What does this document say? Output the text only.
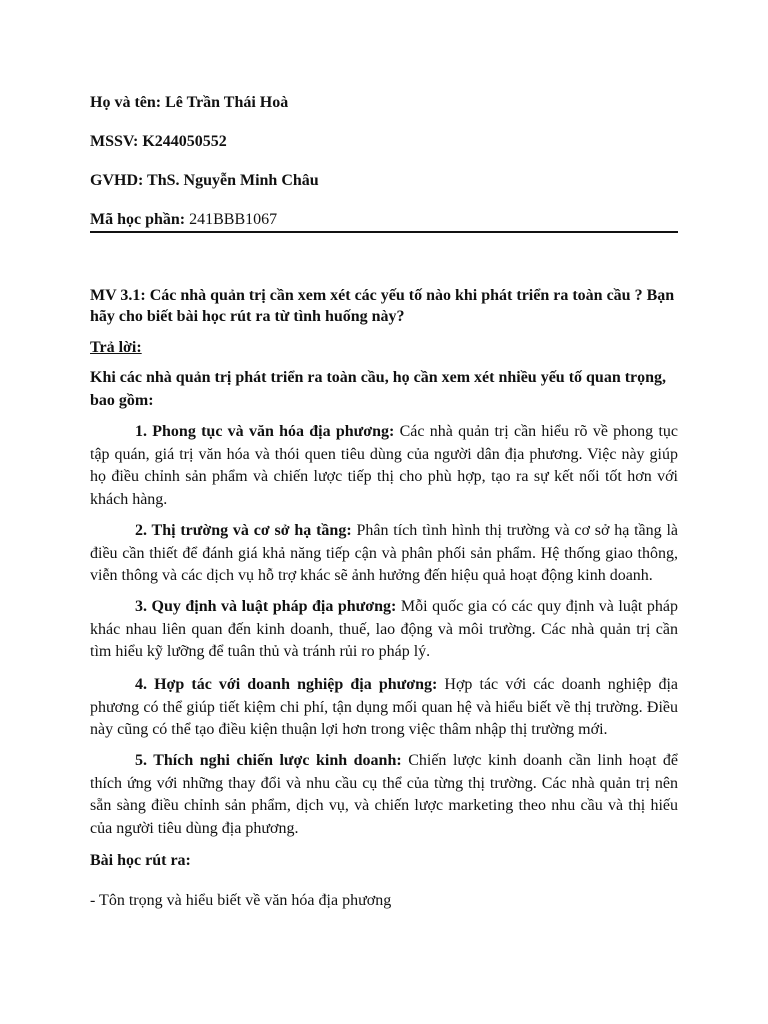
Họ và tên: Lê Trần Thái Hoà
MSSV: K244050552
GVHD: ThS. Nguyễn Minh Châu
Mã học phần: 241BBB1067
MV 3.1: Các nhà quản trị cần xem xét các yếu tố nào khi phát triển ra toàn cầu ? Bạn hãy cho biết bài học rút ra từ tình huống này?
Trả lời:
Khi các nhà quản trị phát triển ra toàn cầu, họ cần xem xét nhiều yếu tố quan trọng, bao gồm:
1. Phong tục và văn hóa địa phương: Các nhà quản trị cần hiểu rõ về phong tục tập quán, giá trị văn hóa và thói quen tiêu dùng của người dân địa phương. Việc này giúp họ điều chỉnh sản phẩm và chiến lược tiếp thị cho phù hợp, tạo ra sự kết nối tốt hơn với khách hàng.
2. Thị trường và cơ sở hạ tầng: Phân tích tình hình thị trường và cơ sở hạ tầng là điều cần thiết để đánh giá khả năng tiếp cận và phân phối sản phẩm. Hệ thống giao thông, viễn thông và các dịch vụ hỗ trợ khác sẽ ảnh hưởng đến hiệu quả hoạt động kinh doanh.
3. Quy định và luật pháp địa phương: Mỗi quốc gia có các quy định và luật pháp khác nhau liên quan đến kinh doanh, thuế, lao động và môi trường. Các nhà quản trị cần tìm hiểu kỹ lưỡng để tuân thủ và tránh rủi ro pháp lý.
4. Hợp tác với doanh nghiệp địa phương: Hợp tác với các doanh nghiệp địa phương có thể giúp tiết kiệm chi phí, tận dụng mối quan hệ và hiểu biết về thị trường. Điều này cũng có thể tạo điều kiện thuận lợi hơn trong việc thâm nhập thị trường mới.
5. Thích nghi chiến lược kinh doanh: Chiến lược kinh doanh cần linh hoạt để thích ứng với những thay đổi và nhu cầu cụ thể của từng thị trường. Các nhà quản trị nên sẵn sàng điều chỉnh sản phẩm, dịch vụ, và chiến lược marketing theo nhu cầu và thị hiếu của người tiêu dùng địa phương.
Bài học rút ra:
- Tôn trọng và hiểu biết về văn hóa địa phương
